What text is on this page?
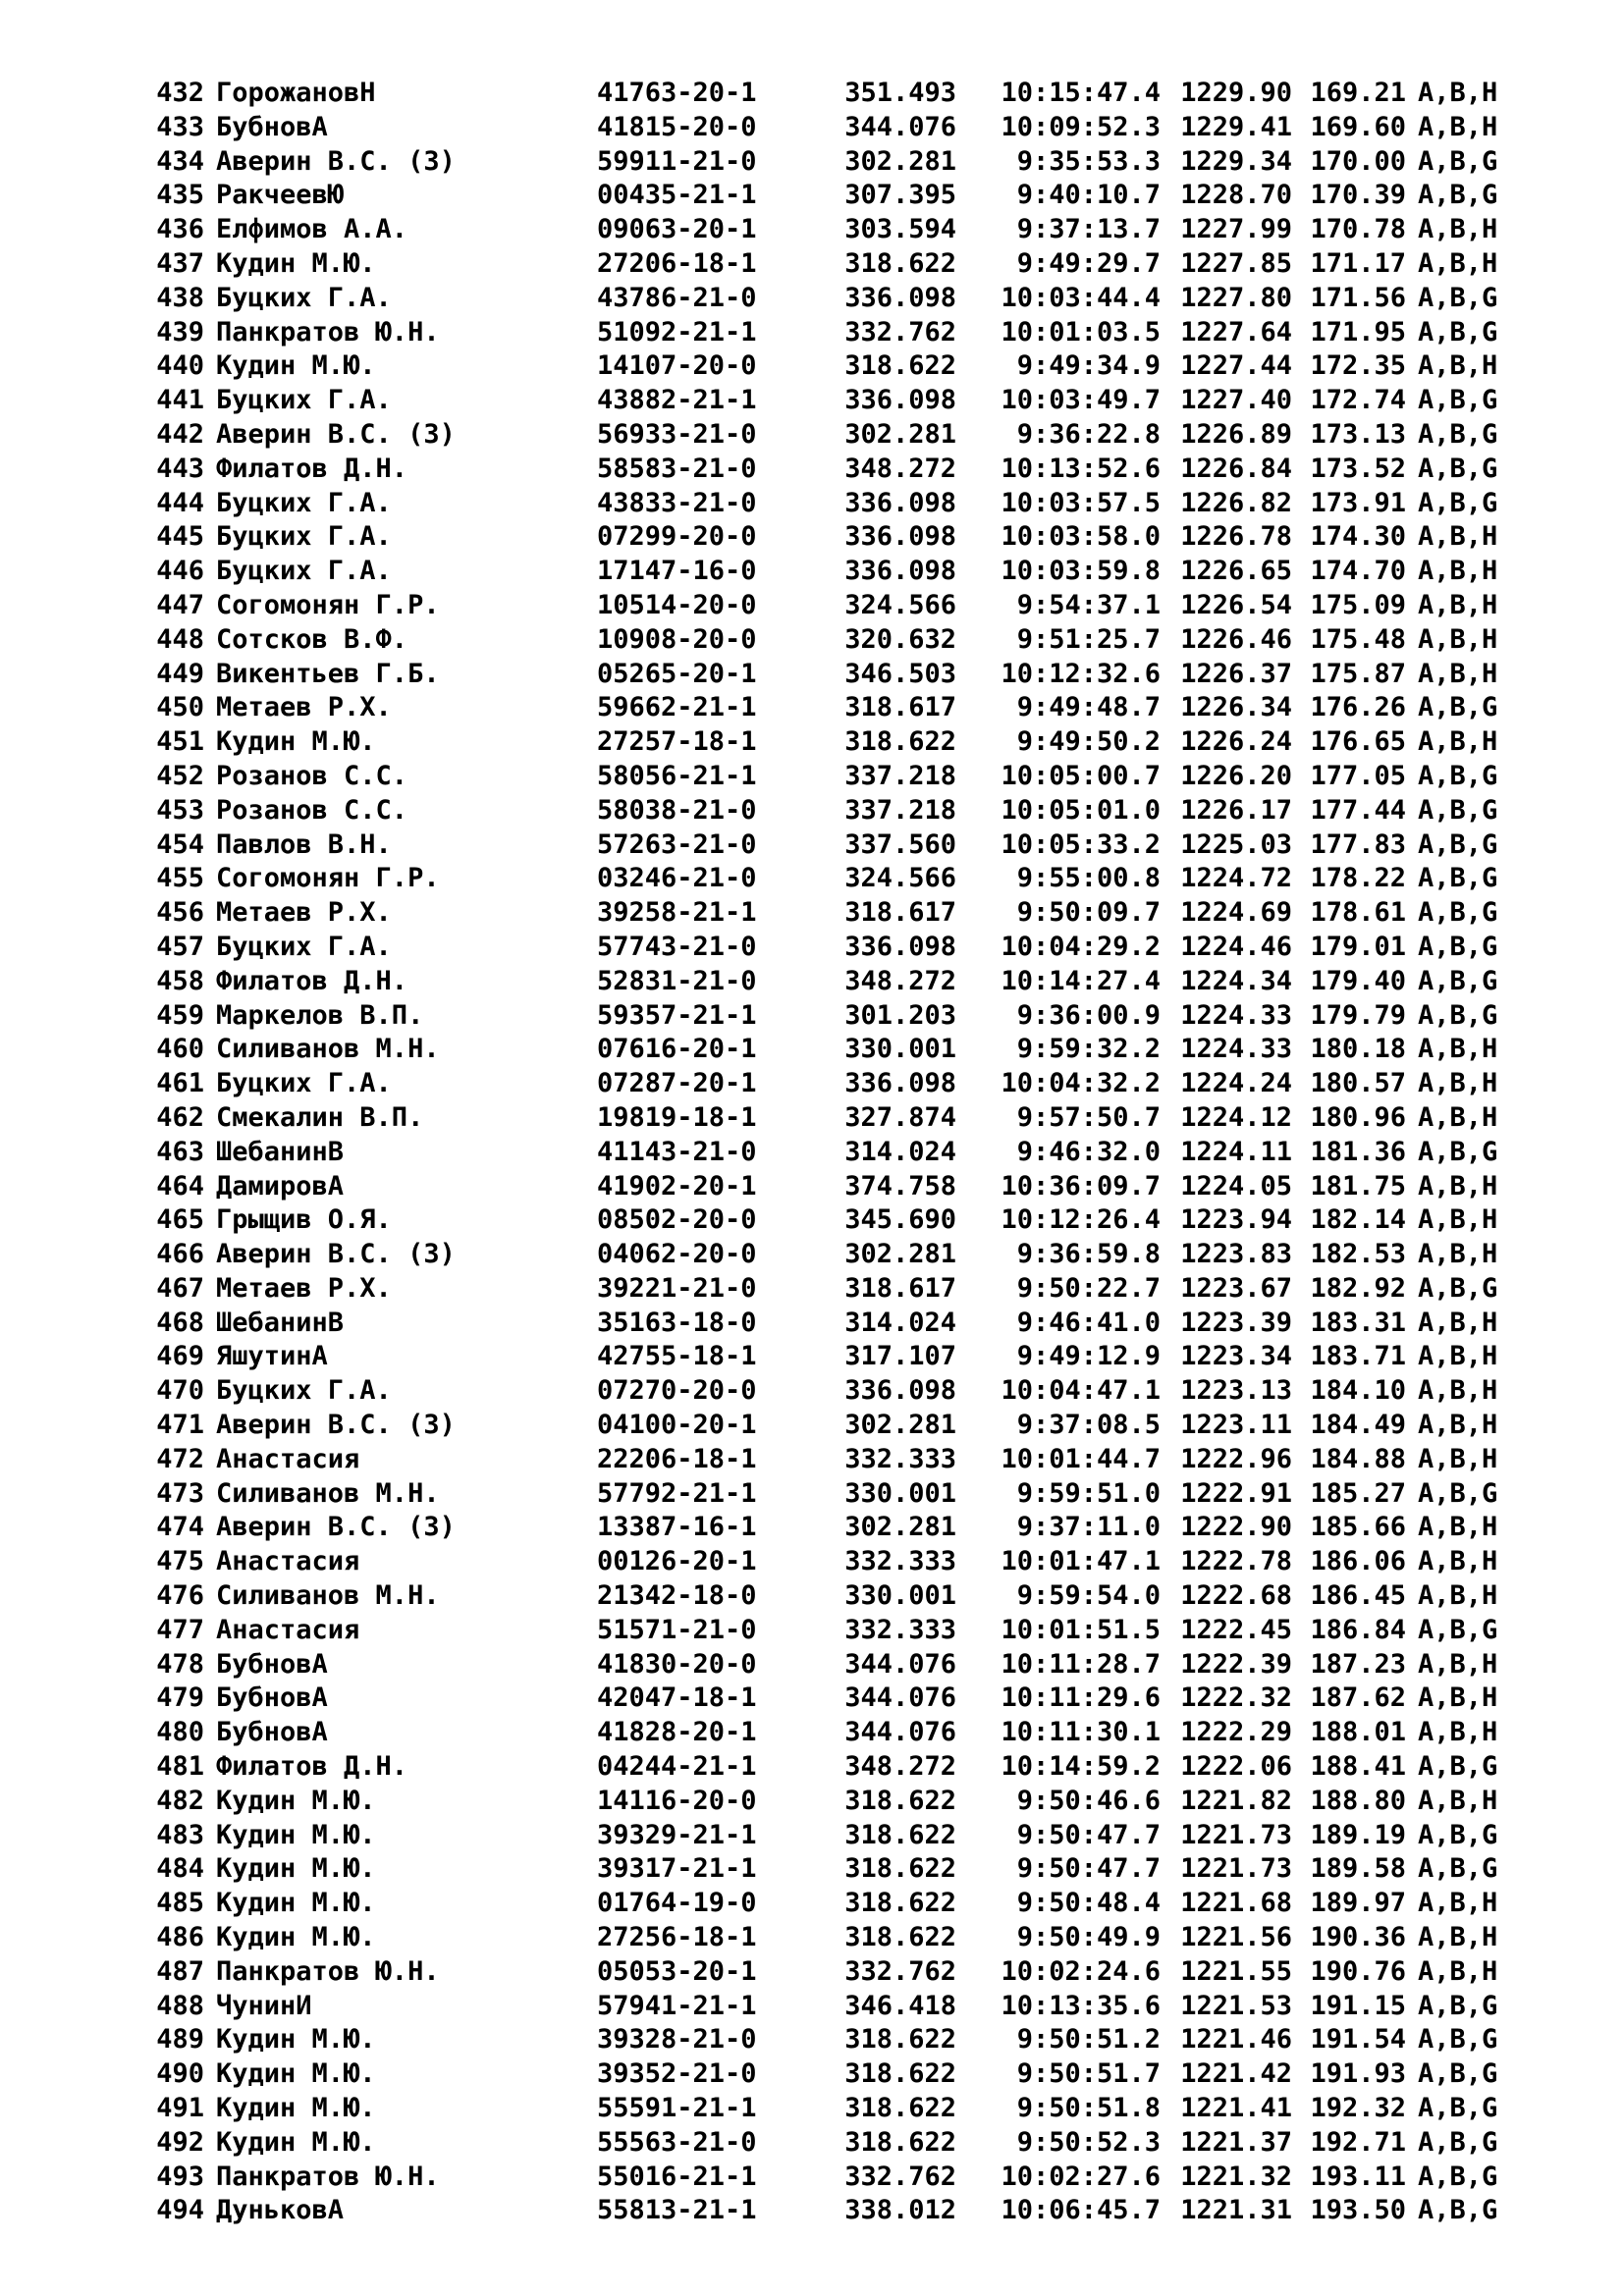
432 ГорожановН	41763-20-1	351.493	10:15:47.4 1229.90 169.21 A,B,H
433 БубновА	41815-20-0	344.076	10:09:52.3 1229.41 169.60 A,B,H
434 Аверин В.С. (З)	59911-21-0	302.281	9:35:53.3 1229.34 170.00 A,B,G
435 РакчеевЮ	00435-21-1	307.395	9:40:10.7 1228.70 170.39 A,B,G
436 Елфимов А.А.	09063-20-1	303.594	9:37:13.7 1227.99 170.78 A,B,H
437 Кудин М.Ю.	27206-18-1	318.622	9:49:29.7 1227.85 171.17 A,B,H
438 Буцких Г.А.	43786-21-0	336.098	10:03:44.4 1227.80 171.56 A,B,G
439 Панкратов Ю.Н.	51092-21-1	332.762	10:01:03.5 1227.64 171.95 A,B,G
440 Кудин М.Ю.	14107-20-0	318.622	9:49:34.9 1227.44 172.35 A,B,H
441 Буцких Г.А.	43882-21-1	336.098	10:03:49.7 1227.40 172.74 A,B,G
442 Аверин В.С. (З)	56933-21-0	302.281	9:36:22.8 1226.89 173.13 A,B,G
443 Филатов Д.Н.	58583-21-0	348.272	10:13:52.6 1226.84 173.52 A,B,G
444 Буцких Г.А.	43833-21-0	336.098	10:03:57.5 1226.82 173.91 A,B,G
445 Буцких Г.А.	07299-20-0	336.098	10:03:58.0 1226.78 174.30 A,B,H
446 Буцких Г.А.	17147-16-0	336.098	10:03:59.8 1226.65 174.70 A,B,H
447 Согомонян Г.Р.	10514-20-0	324.566	9:54:37.1 1226.54 175.09 A,B,H
448 Сотсков В.Ф.	10908-20-0	320.632	9:51:25.7 1226.46 175.48 A,B,H
449 Викентьев Г.Б.	05265-20-1	346.503	10:12:32.6 1226.37 175.87 A,B,H
450 Метаев Р.Х.	59662-21-1	318.617	9:49:48.7 1226.34 176.26 A,B,G
451 Кудин М.Ю.	27257-18-1	318.622	9:49:50.2 1226.24 176.65 A,B,H
452 Розанов С.С.	58056-21-1	337.218	10:05:00.7 1226.20 177.05 A,B,G
453 Розанов С.С.	58038-21-0	337.218	10:05:01.0 1226.17 177.44 A,B,G
454 Павлов В.Н.	57263-21-0	337.560	10:05:33.2 1225.03 177.83 A,B,G
455 Согомонян Г.Р.	03246-21-0	324.566	9:55:00.8 1224.72 178.22 A,B,G
456 Метаев Р.Х.	39258-21-1	318.617	9:50:09.7 1224.69 178.61 A,B,G
457 Буцких Г.А.	57743-21-0	336.098	10:04:29.2 1224.46 179.01 A,B,G
458 Филатов Д.Н.	52831-21-0	348.272	10:14:27.4 1224.34 179.40 A,B,G
459 Маркелов В.П.	59357-21-1	301.203	9:36:00.9 1224.33 179.79 A,B,G
460 Силиванов М.Н.	07616-20-1	330.001	9:59:32.2 1224.33 180.18 A,B,H
461 Буцких Г.А.	07287-20-1	336.098	10:04:32.2 1224.24 180.57 A,B,H
462 Смекалин В.П.	19819-18-1	327.874	9:57:50.7 1224.12 180.96 A,B,H
463 ШебанинВ	41143-21-0	314.024	9:46:32.0 1224.11 181.36 A,B,G
464 ДамировА	41902-20-1	374.758	10:36:09.7 1224.05 181.75 A,B,H
465 Грыщив О.Я.	08502-20-0	345.690	10:12:26.4 1223.94 182.14 A,B,H
466 Аверин В.С. (З)	04062-20-0	302.281	9:36:59.8 1223.83 182.53 A,B,H
467 Метаев Р.Х.	39221-21-0	318.617	9:50:22.7 1223.67 182.92 A,B,G
468 ШебанинВ	35163-18-0	314.024	9:46:41.0 1223.39 183.31 A,B,H
469 ЯшутинА	42755-18-1	317.107	9:49:12.9 1223.34 183.71 A,B,H
470 Буцких Г.А.	07270-20-0	336.098	10:04:47.1 1223.13 184.10 A,B,H
471 Аверин В.С. (З)	04100-20-1	302.281	9:37:08.5 1223.11 184.49 A,B,H
472 Анастасия	22206-18-1	332.333	10:01:44.7 1222.96 184.88 A,B,H
473 Силиванов М.Н.	57792-21-1	330.001	9:59:51.0 1222.91 185.27 A,B,G
474 Аверин В.С. (З)	13387-16-1	302.281	9:37:11.0 1222.90 185.66 A,B,H
475 Анастасия	00126-20-1	332.333	10:01:47.1 1222.78 186.06 A,B,H
476 Силиванов М.Н.	21342-18-0	330.001	9:59:54.0 1222.68 186.45 A,B,H
477 Анастасия	51571-21-0	332.333	10:01:51.5 1222.45 186.84 A,B,G
478 БубновА	41830-20-0	344.076	10:11:28.7 1222.39 187.23 A,B,H
479 БубновА	42047-18-1	344.076	10:11:29.6 1222.32 187.62 A,B,H
480 БубновА	41828-20-1	344.076	10:11:30.1 1222.29 188.01 A,B,H
481 Филатов Д.Н.	04244-21-1	348.272	10:14:59.2 1222.06 188.41 A,B,G
482 Кудин М.Ю.	14116-20-0	318.622	9:50:46.6 1221.82 188.80 A,B,H
483 Кудин М.Ю.	39329-21-1	318.622	9:50:47.7 1221.73 189.19 A,B,G
484 Кудин М.Ю.	39317-21-1	318.622	9:50:47.7 1221.73 189.58 A,B,G
485 Кудин М.Ю.	01764-19-0	318.622	9:50:48.4 1221.68 189.97 A,B,H
486 Кудин М.Ю.	27256-18-1	318.622	9:50:49.9 1221.56 190.36 A,B,H
487 Панкратов Ю.Н.	05053-20-1	332.762	10:02:24.6 1221.55 190.76 A,B,H
488 ЧунинИ	57941-21-1	346.418	10:13:35.6 1221.53 191.15 A,B,G
489 Кудин М.Ю.	39328-21-0	318.622	9:50:51.2 1221.46 191.54 A,B,G
490 Кудин М.Ю.	39352-21-0	318.622	9:50:51.7 1221.42 191.93 A,B,G
491 Кудин М.Ю.	55591-21-1	318.622	9:50:51.8 1221.41 192.32 A,B,G
492 Кудин М.Ю.	55563-21-0	318.622	9:50:52.3 1221.37 192.71 A,B,G
493 Панкратов Ю.Н.	55016-21-1	332.762	10:02:27.6 1221.32 193.11 A,B,G
494 ДуньковА	55813-21-1	338.012	10:06:45.7 1221.31 193.50 A,B,G
